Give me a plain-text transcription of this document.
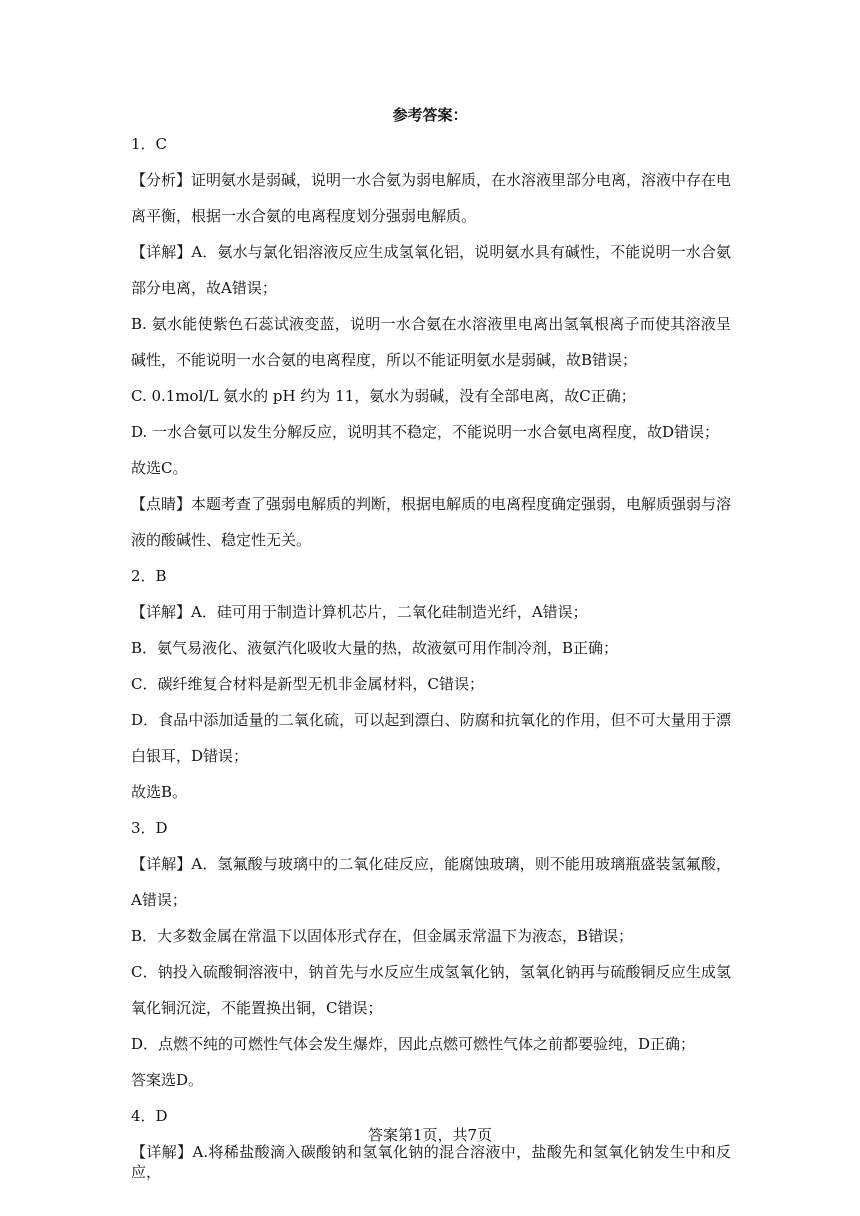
参考答案：

1．C

【分析】证明氨水是弱碱，说明一水合氨为弱电解质，在水溶液里部分电离，溶液中存在电离平衡，根据一水合氨的电离程度划分强弱电解质。

【详解】A．氨水与氯化铝溶液反应生成氢氧化铝，说明氨水具有碱性，不能说明一水合氨部分电离，故A错误；

B. 氨水能使紫色石蕊试液变蓝，说明一水合氨在水溶液里电离出氢氧根离子而使其溶液呈碱性，不能说明一水合氨的电离程度，所以不能证明氨水是弱碱，故B错误；

C. 0.1mol/L 氨水的 pH 约为 11，氨水为弱碱，没有全部电离，故C正确；

D. 一水合氨可以发生分解反应，说明其不稳定，不能说明一水合氨电离程度，故D错误；

故选C。

【点睛】本题考查了强弱电解质的判断，根据电解质的电离程度确定强弱，电解质强弱与溶液的酸碱性、稳定性无关。

2．B

【详解】A．硅可用于制造计算机芯片，二氧化硅制造光纤，A错误；

B．氨气易液化、液氨汽化吸收大量的热，故液氨可用作制冷剂，B正确；

C．碳纤维复合材料是新型无机非金属材料，C错误；

D．食品中添加适量的二氧化硫，可以起到漂白、防腐和抗氧化的作用，但不可大量用于漂白银耳，D错误；

故选B。

3．D

【详解】A．氢氟酸与玻璃中的二氧化硅反应，能腐蚀玻璃，则不能用玻璃瓶盛装氢氟酸，A错误；

B．大多数金属在常温下以固体形式存在，但金属汞常温下为液态，B错误；

C．钠投入硫酸铜溶液中，钠首先与水反应生成氢氧化钠，氢氧化钠再与硫酸铜反应生成氢氧化铜沉淀，不能置换出铜，C错误；

D．点燃不纯的可燃性气体会发生爆炸，因此点燃可燃性气体之前都要验纯，D正确；

答案选D。

4．D

【详解】A.将稀盐酸滴入碳酸钠和氢氧化钠的混合溶液中，盐酸先和氢氧化钠发生中和反应，

答案第1页，共7页
